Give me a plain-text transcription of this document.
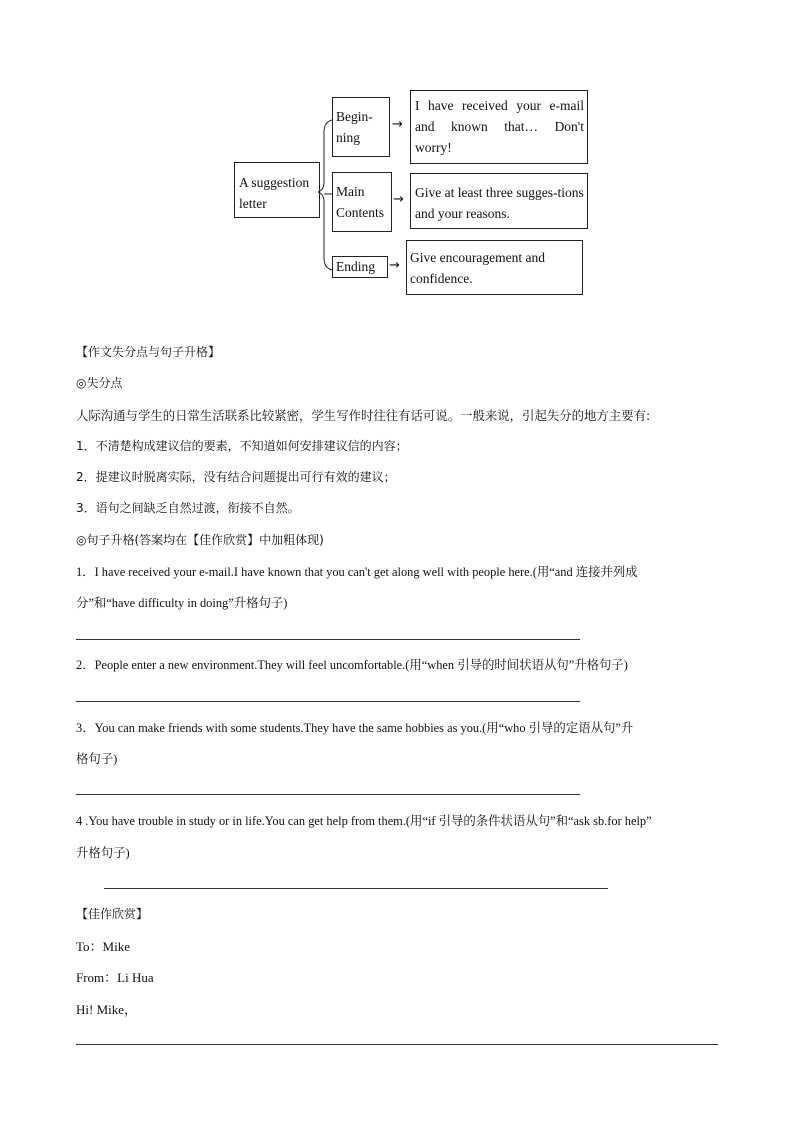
A suggestion letter
Begin-ning
→
I have received your e-mail and known that… Don't worry!
Main Contents
→ Give at least three sugges-tions and your reasons.
Ending	→
Give encouragement and confidence.
【作文失分点与句子升格】
◎失分点
人际沟通与学生的日常生活联系比较紧密，学生写作时往往有话可说。一般来说，引起失分的地方主要有:
1．不清楚构成建议信的要素，不知道如何安排建议信的内容；
2．提建议时脱离实际，没有结合问题提出可行有效的建议；
3．语句之间缺乏自然过渡，衔接不自然。
◎句子升格(答案均在【佳作欣赏】中加粗体现)
1．I have received your e-mail.I have known that you can't get along well with people here.(用“and 连接并列成
分”和“have difficulty in doing”升格句子)
2．People enter a new environment.They will feel uncomfortable.(用“when 引导的时间状语从句”升格句子)
3．You can make friends with some students.They have the same hobbies as you.(用“who 引导的定语从句”升
格句子)
4 .You have trouble in study or in life.You can get help from them.(用“if 引导的条件状语从句”和“ask sb.for help”
升格句子)
【佳作欣赏】
To：Mike
From：Li Hua
Hi! Mike，
